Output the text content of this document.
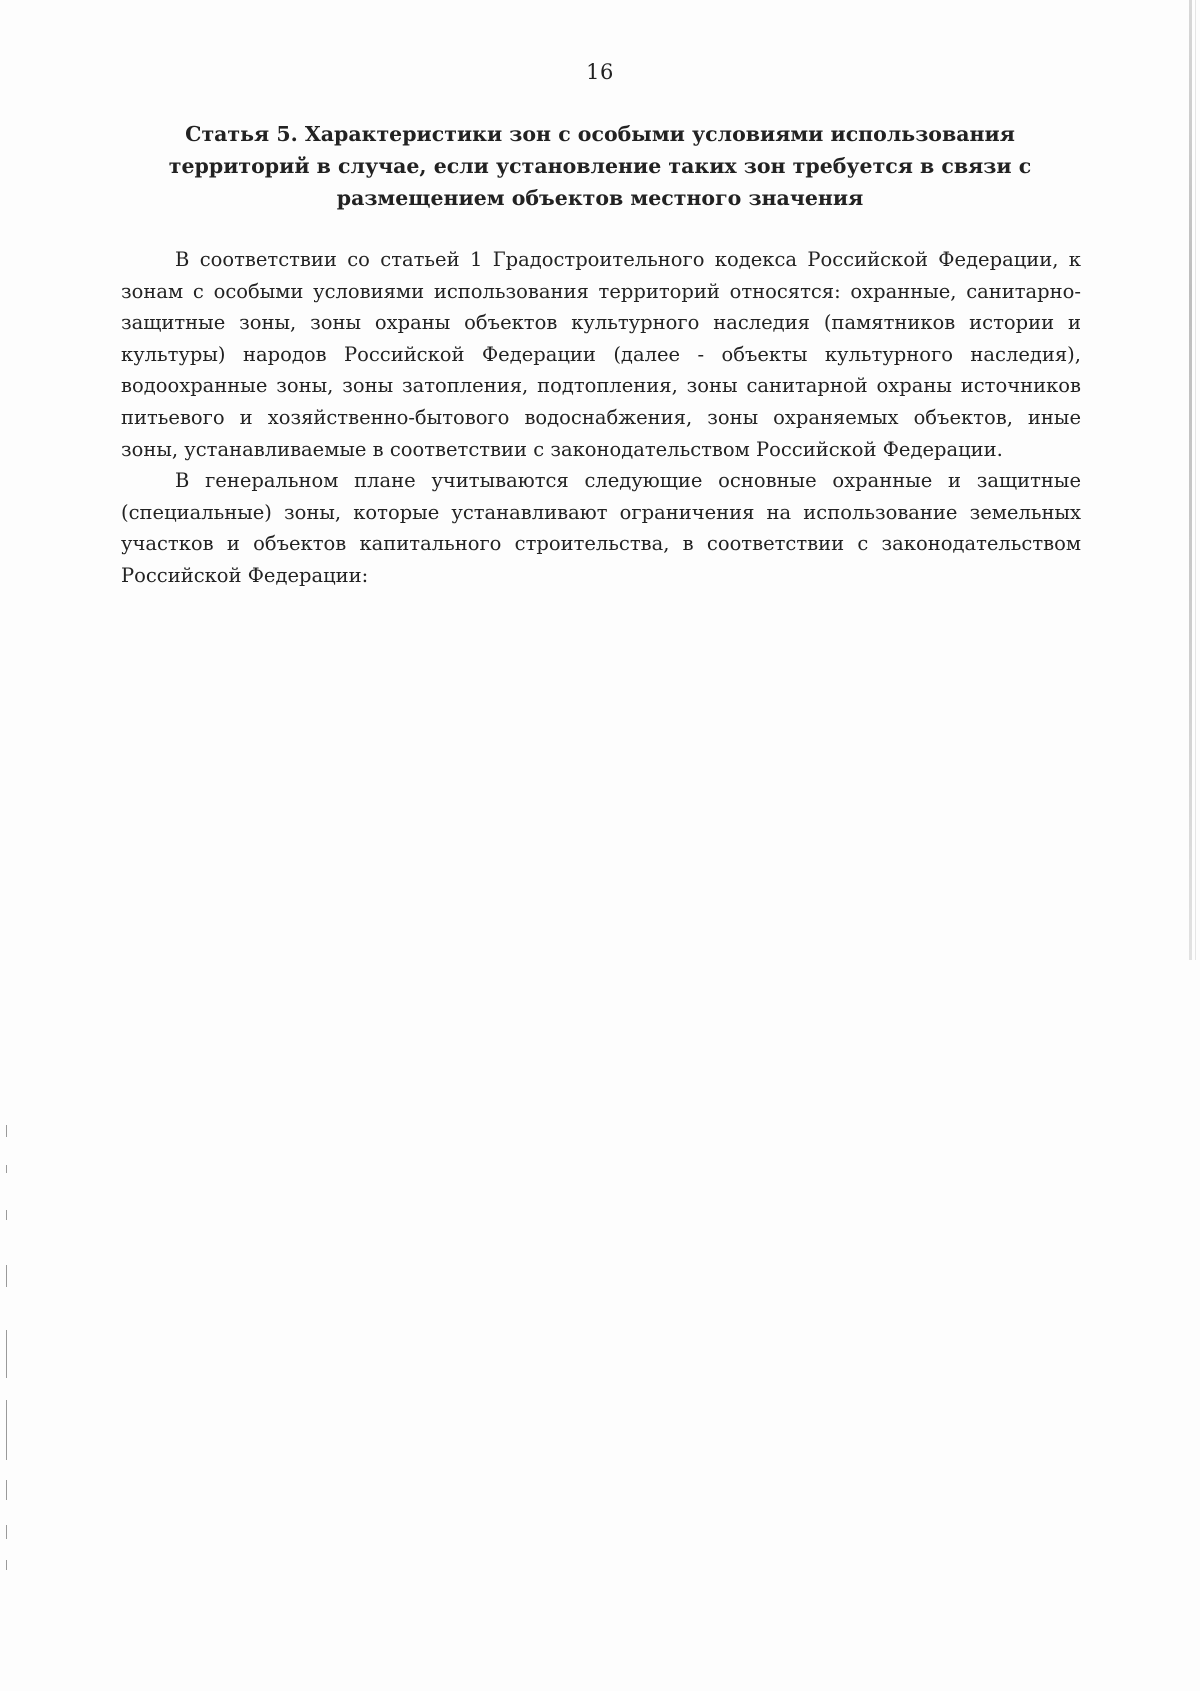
16
Статья 5. Характеристики зон с особыми условиями использования территорий в случае, если установление таких зон требуется в связи с размещением объектов местного значения

В соответствии со статьей 1 Градостроительного кодекса Российской Федерации, к зонам с особыми условиями использования территорий относятся: охранные, санитарно-защитные зоны, зоны охраны объектов культурного наследия (памятников истории и культуры) народов Российской Федерации (далее - объекты культурного наследия), водоохранные зоны, зоны затопления, подтопления, зоны санитарной охраны источников питьевого и хозяйственно-бытового водоснабжения, зоны охраняемых объектов, иные зоны, устанавливаемые в соответствии с законодательством Российской Федерации.

В генеральном плане учитываются следующие основные охранные и защитные (специальные) зоны, которые устанавливают ограничения на использование земельных участков и объектов капитального строительства, в соответствии с законодательством Российской Федерации:
